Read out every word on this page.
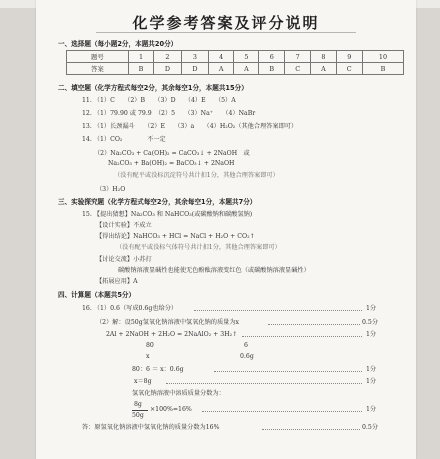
化学参考答案及评分说明
一、选择题（每小题2分，本题共20分）
题号	1	2	3	4	5	6	7	8	9	10
答案	B	D	D	A	A	B	C	A	C	B
二、填空题（化学方程式每空2分，其余每空1分，本题共15分）
11. （1）C　　（2）B　　（3）D　　（4）E　　（5）A
12. （1）79.90 或 79.9　（2）5　　（3）Na⁺　　（4）NaBr
13. （1）长颈漏斗　　（2）E　　（3）a　　（4）H₂O₂（其他合理答案即可）
14. （1）CO₂　　　　不一定
（2）Na₂CO₃ + Ca(OH)₂ = CaCO₃↓ + 2NaOH　或
Na₂CO₃ + Ba(OH)₂ = BaCO₃↓ + 2NaOH
（没有配平或没标沉淀符号共计扣1分，其他合理答案即可）
（3）H₂O
三、实验探究题（化学方程式每空2分，其余每空1分，本题共7分）
15. 【提出猜想】Na₂CO₃ 和 NaHCO₃(或碳酸钠和碳酸氢钠)
【设计实验】不成立
【得出结论】NaHCO₃ + HCl = NaCl + H₂O + CO₂↑
（没有配平或没标气体符号共计扣1分，其他合理答案即可）
【讨论交流】小苏打
碳酸钠溶液显碱性也能使无色酚酞溶液变红色（或碳酸钠溶液显碱性）
【拓展应用】A
四、计算题（本题共5分）
16. （1）0.6（写成0.6g也给分）	1分
（2）解：设50g氢氧化钠溶液中氢氧化钠的质量为x	0.5分
2Al + 2NaOH + 2H₂O = 2NaAlO₂ + 3H₂↑	1分
80	6
x	0.6g
80：6 ＝ x：0.6g	1分
x＝8g	1分
氢氧化钠溶液中溶质质量分数为：
8g
50g
×100%=16%	1分
答：原氢氧化钠溶液中氢氧化钠的质量分数为16%	0.5分
